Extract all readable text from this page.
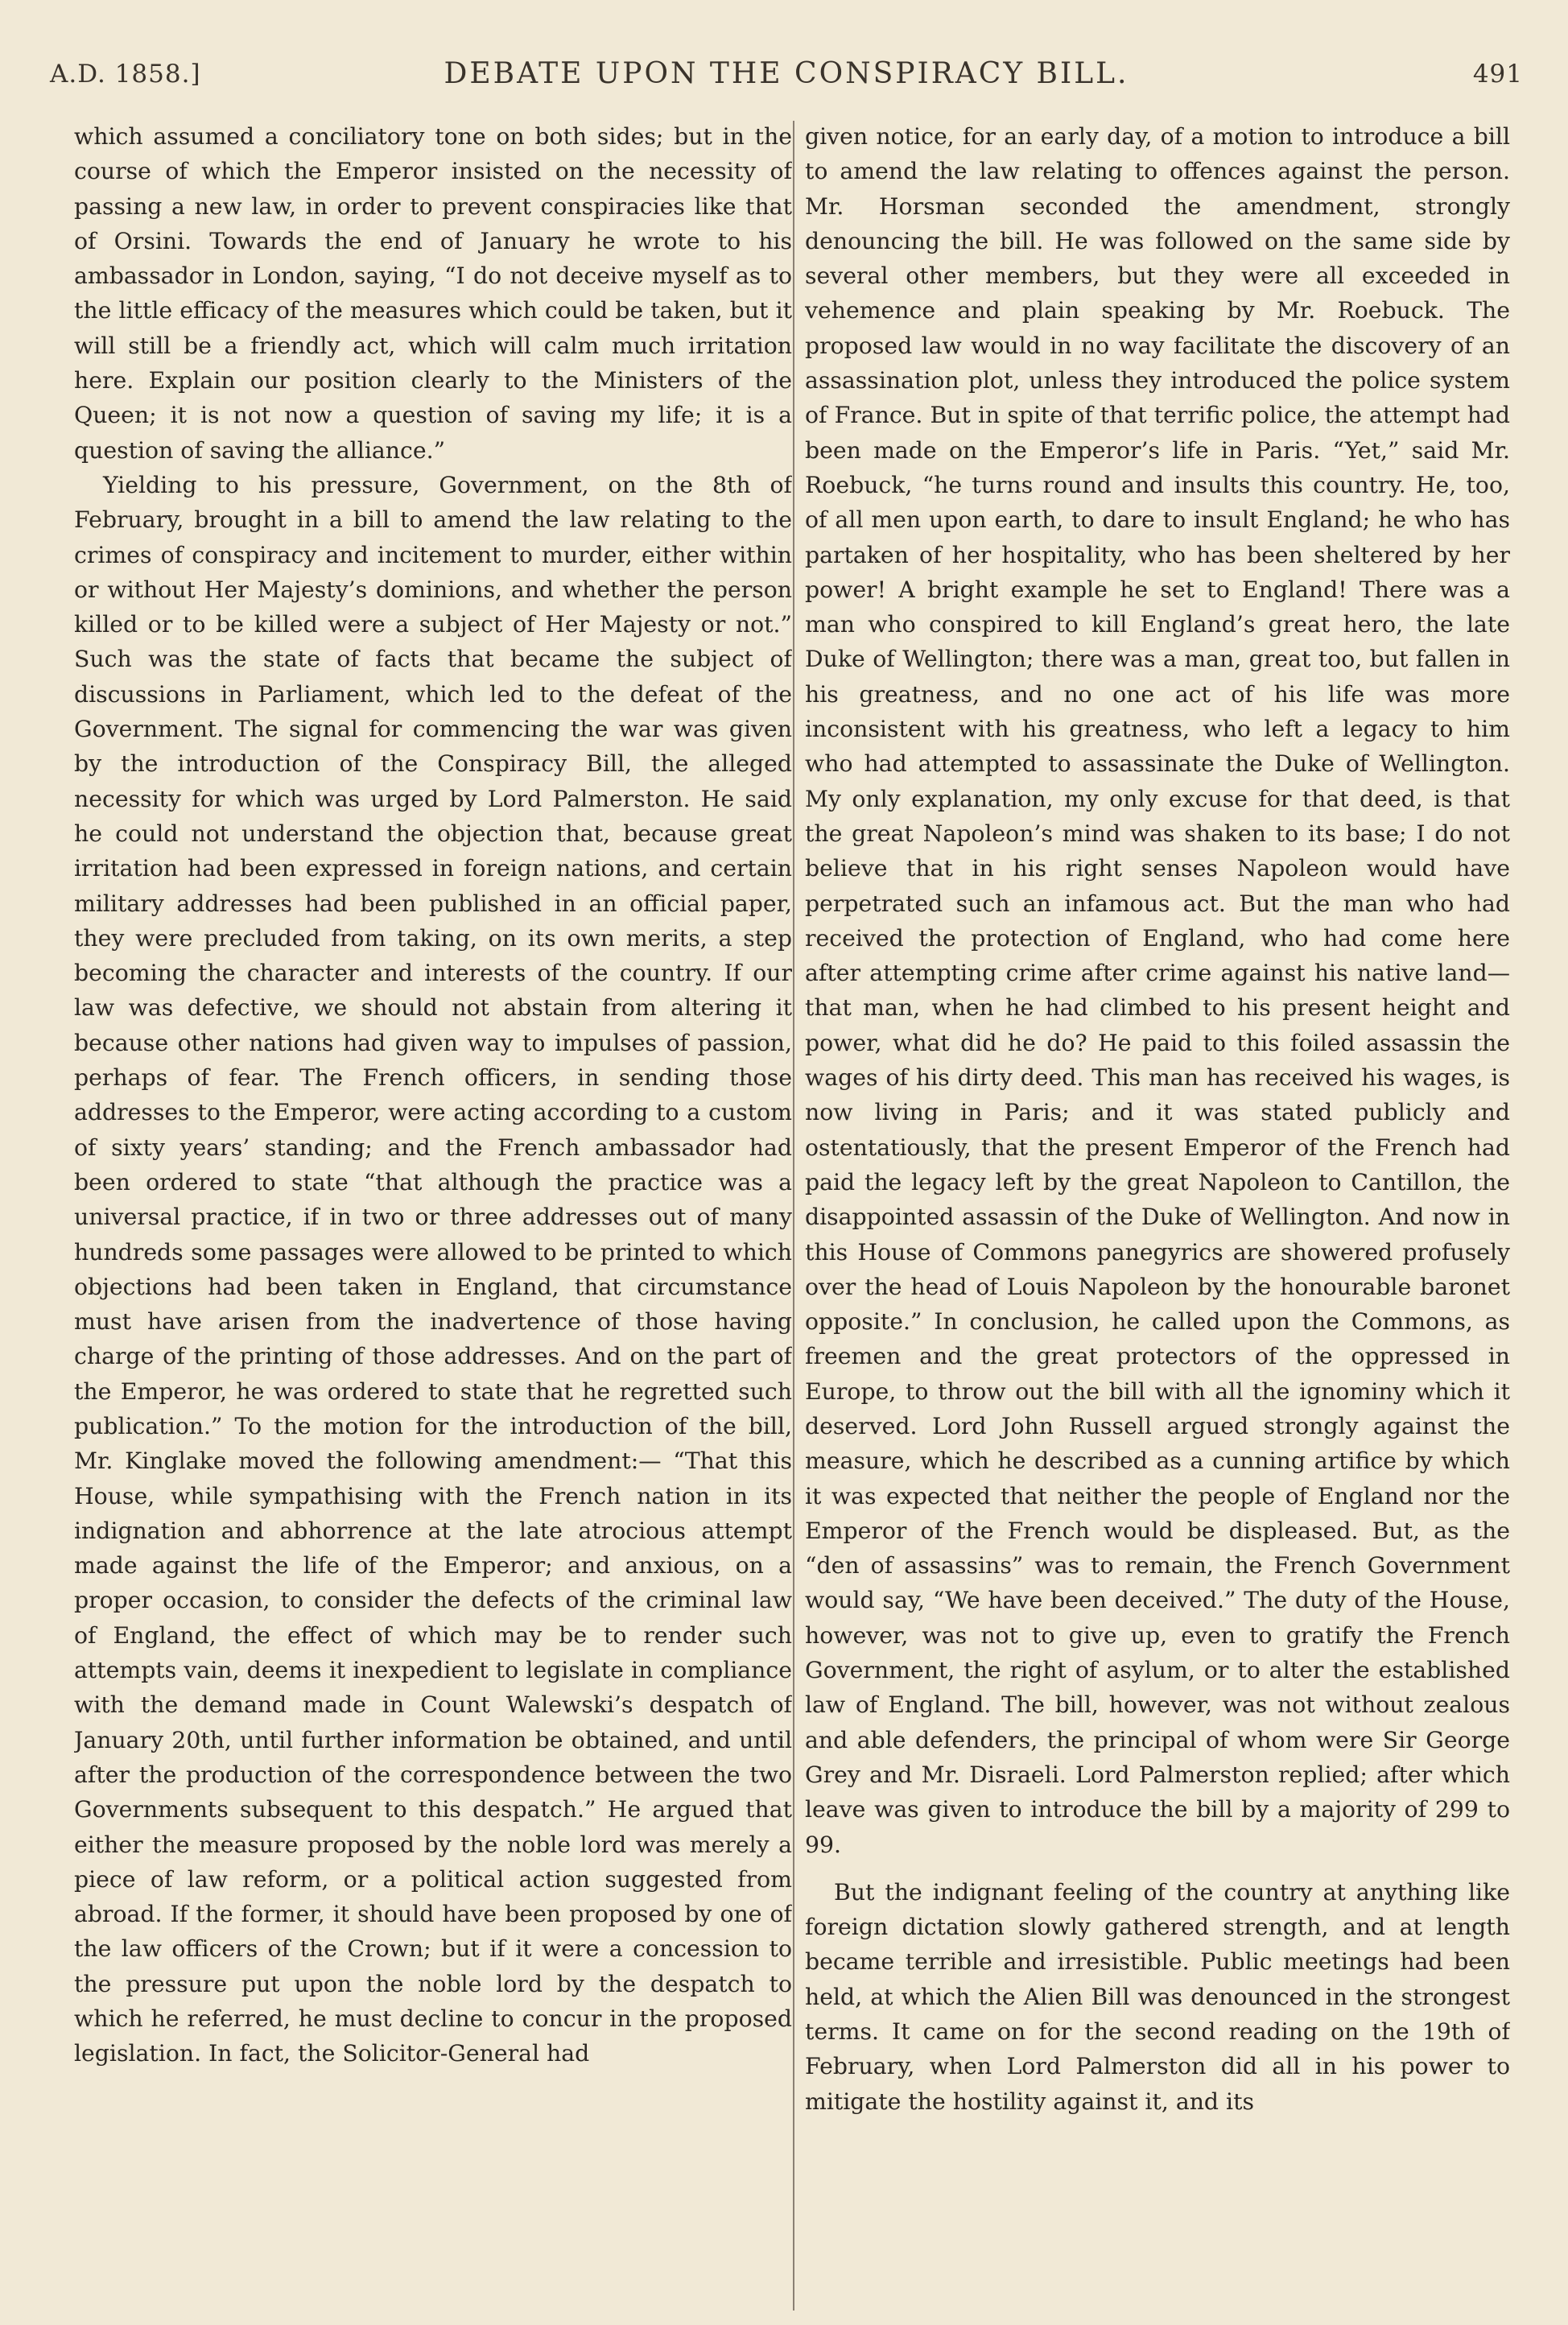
A.D. 1858.]	DEBATE UPON THE CONSPIRACY BILL.	491

which assumed a conciliatory tone on both sides; but in the course of which the Emperor insisted on the necessity of passing a new law, in order to prevent conspiracies like that of Orsini. Towards the end of January he wrote to his ambassador in London, saying, “I do not deceive myself as to the little efficacy of the measures which could be taken, but it will still be a friendly act, which will calm much irritation here. Explain our position clearly to the Ministers of the Queen; it is not now a question of saving my life; it is a question of saving the alliance.”

Yielding to his pressure, Government, on the 8th of February, brought in a bill to amend the law relating to the crimes of conspiracy and incitement to murder, either within or without Her Majesty’s dominions, and whether the person killed or to be killed were a subject of Her Majesty or not.” Such was the state of facts that became the subject of discussions in Parliament, which led to the defeat of the Government. The signal for commencing the war was given by the introduction of the Conspiracy Bill, the alleged necessity for which was urged by Lord Palmerston. He said he could not understand the objection that, because great irritation had been expressed in foreign nations, and certain military addresses had been published in an official paper, they were precluded from taking, on its own merits, a step becoming the character and interests of the country. If our law was defective, we should not abstain from altering it because other nations had given way to impulses of passion, perhaps of fear. The French officers, in sending those addresses to the Emperor, were acting according to a custom of sixty years’ standing; and the French ambassador had been ordered to state “that although the practice was a universal practice, if in two or three addresses out of many hundreds some passages were allowed to be printed to which objections had been taken in England, that circumstance must have arisen from the inadvertence of those having charge of the printing of those addresses. And on the part of the Emperor, he was ordered to state that he regretted such publication.” To the motion for the introduction of the bill, Mr. Kinglake moved the following amendment:— “That this House, while sympathising with the French nation in its indignation and abhorrence at the late atrocious attempt made against the life of the Emperor; and anxious, on a proper occasion, to consider the defects of the criminal law of England, the effect of which may be to render such attempts vain, deems it inexpedient to legislate in compliance with the demand made in Count Walewski’s despatch of January 20th, until further information be obtained, and until after the production of the correspondence between the two Governments subsequent to this despatch.” He argued that either the measure proposed by the noble lord was merely a piece of law reform, or a political action suggested from abroad. If the former, it should have been proposed by one of the law officers of the Crown; but if it were a concession to the pressure put upon the noble lord by the despatch to which he referred, he must decline to concur in the proposed legislation. In fact, the Solicitor-General had

given notice, for an early day, of a motion to introduce a bill to amend the law relating to offences against the person. Mr. Horsman seconded the amendment, strongly denouncing the bill. He was followed on the same side by several other members, but they were all exceeded in vehemence and plain speaking by Mr. Roebuck. The proposed law would in no way facilitate the discovery of an assassination plot, unless they introduced the police system of France. But in spite of that terrific police, the attempt had been made on the Emperor’s life in Paris. “Yet,” said Mr. Roebuck, “he turns round and insults this country. He, too, of all men upon earth, to dare to insult England; he who has partaken of her hospitality, who has been sheltered by her power! A bright example he set to England! There was a man who conspired to kill England’s great hero, the late Duke of Wellington; there was a man, great too, but fallen in his greatness, and no one act of his life was more inconsistent with his greatness, who left a legacy to him who had attempted to assassinate the Duke of Wellington. My only explanation, my only excuse for that deed, is that the great Napoleon’s mind was shaken to its base; I do not believe that in his right senses Napoleon would have perpetrated such an infamous act. But the man who had received the protection of England, who had come here after attempting crime after crime against his native land—that man, when he had climbed to his present height and power, what did he do? He paid to this foiled assassin the wages of his dirty deed. This man has received his wages, is now living in Paris; and it was stated publicly and ostentatiously, that the present Emperor of the French had paid the legacy left by the great Napoleon to Cantillon, the disappointed assassin of the Duke of Wellington. And now in this House of Commons panegyrics are showered profusely over the head of Louis Napoleon by the honourable baronet opposite.” In conclusion, he called upon the Commons, as freemen and the great protectors of the oppressed in Europe, to throw out the bill with all the ignominy which it deserved. Lord John Russell argued strongly against the measure, which he described as a cunning artifice by which it was expected that neither the people of England nor the Emperor of the French would be displeased. But, as the “den of assassins” was to remain, the French Government would say, “We have been deceived.” The duty of the House, however, was not to give up, even to gratify the French Government, the right of asylum, or to alter the established law of England. The bill, however, was not without zealous and able defenders, the principal of whom were Sir George Grey and Mr. Disraeli. Lord Palmerston replied; after which leave was given to introduce the bill by a majority of 299 to 99.

But the indignant feeling of the country at anything like foreign dictation slowly gathered strength, and at length became terrible and irresistible. Public meetings had been held, at which the Alien Bill was denounced in the strongest terms. It came on for the second reading on the 19th of February, when Lord Palmerston did all in his power to mitigate the hostility against it, and its
